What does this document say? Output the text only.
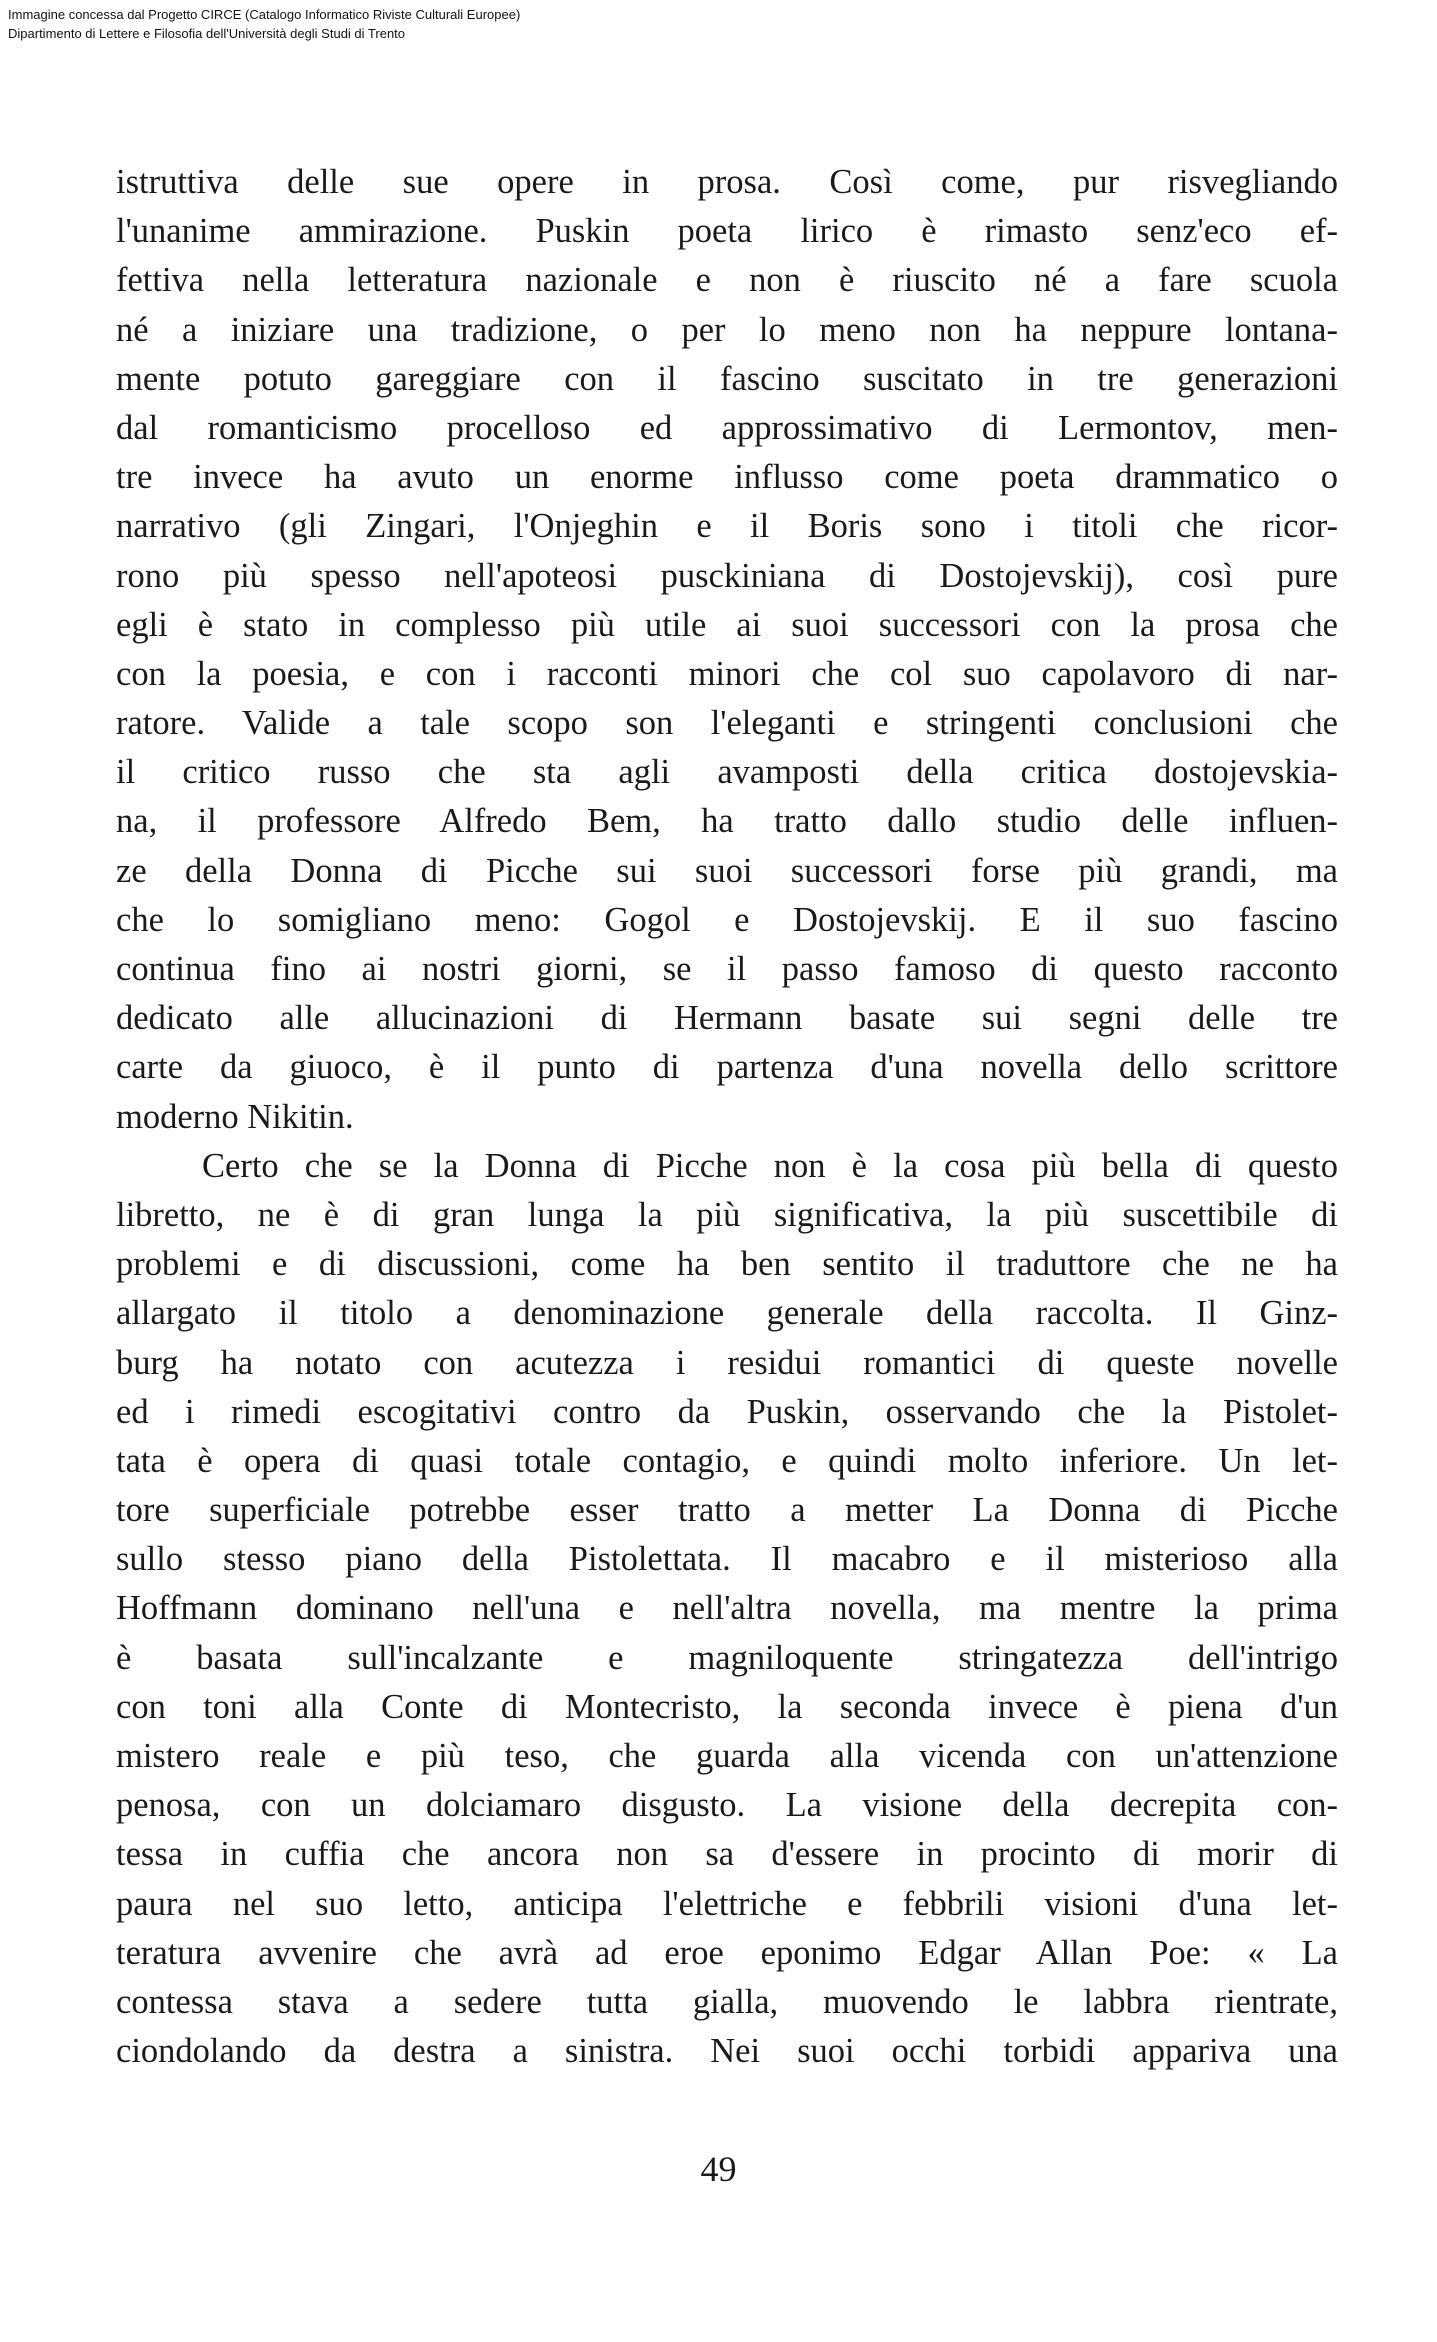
Immagine concessa dal Progetto CIRCE (Catalogo Informatico Riviste Culturali Europee)
Dipartimento di Lettere e Filosofia dell'Università degli Studi di Trento
istruttiva delle sue opere in prosa. Così come, pur risvegliando
l'unanime ammirazione. Puskin poeta lirico è rimasto senz'eco ef-
fettiva nella letteratura nazionale e non è riuscito né a fare scuola
né a iniziare una tradizione, o per lo meno non ha neppure lontana-
mente potuto gareggiare con il fascino suscitato in tre generazioni
dal romanticismo procelloso ed approssimativo di Lermontov, men-
tre invece ha avuto un enorme influsso come poeta drammatico o
narrativo (gli Zingari, l'Onjeghin e il Boris sono i titoli che ricor-
rono più spesso nell'apoteosi pusckiniana di Dostojevskij), così pure
egli è stato in complesso più utile ai suoi successori con la prosa che
con la poesia, e con i racconti minori che col suo capolavoro di nar-
ratore. Valide a tale scopo son l'eleganti e stringenti conclusioni che
il critico russo che sta agli avamposti della critica dostojevskia-
na, il professore Alfredo Bem, ha tratto dallo studio delle influen-
ze della Donna di Picche sui suoi successori forse più grandi, ma
che lo somigliano meno: Gogol e Dostojevskij. E il suo fascino
continua fino ai nostri giorni, se il passo famoso di questo racconto
dedicato alle allucinazioni di Hermann basate sui segni delle tre
carte da giuoco, è il punto di partenza d'una novella dello scrittore
moderno Nikitin.
Certo che se la Donna di Picche non è la cosa più bella di questo
libretto, ne è di gran lunga la più significativa, la più suscettibile di
problemi e di discussioni, come ha ben sentito il traduttore che ne ha
allargato il titolo a denominazione generale della raccolta. Il Ginz-
burg ha notato con acutezza i residui romantici di queste novelle
ed i rimedi escogitativi contro da Puskin, osservando che la Pistolet-
tata è opera di quasi totale contagio, e quindi molto inferiore. Un let-
tore superficiale potrebbe esser tratto a metter La Donna di Picche
sullo stesso piano della Pistolettata. Il macabro e il misterioso alla
Hoffmann dominano nell'una e nell'altra novella, ma mentre la prima
è basata sull'incalzante e magniloquente stringatezza dell'intrigo
con toni alla Conte di Montecristo, la seconda invece è piena d'un
mistero reale e più teso, che guarda alla vicenda con un'attenzione
penosa, con un dolciamaro disgusto. La visione della decrepita con-
tessa in cuffia che ancora non sa d'essere in procinto di morir di
paura nel suo letto, anticipa l'elettriche e febbrili visioni d'una let-
teratura avvenire che avrà ad eroe eponimo Edgar Allan Poe: « La
contessa stava a sedere tutta gialla, muovendo le labbra rientrate,
ciondolando da destra a sinistra. Nei suoi occhi torbidi appariva una
49
